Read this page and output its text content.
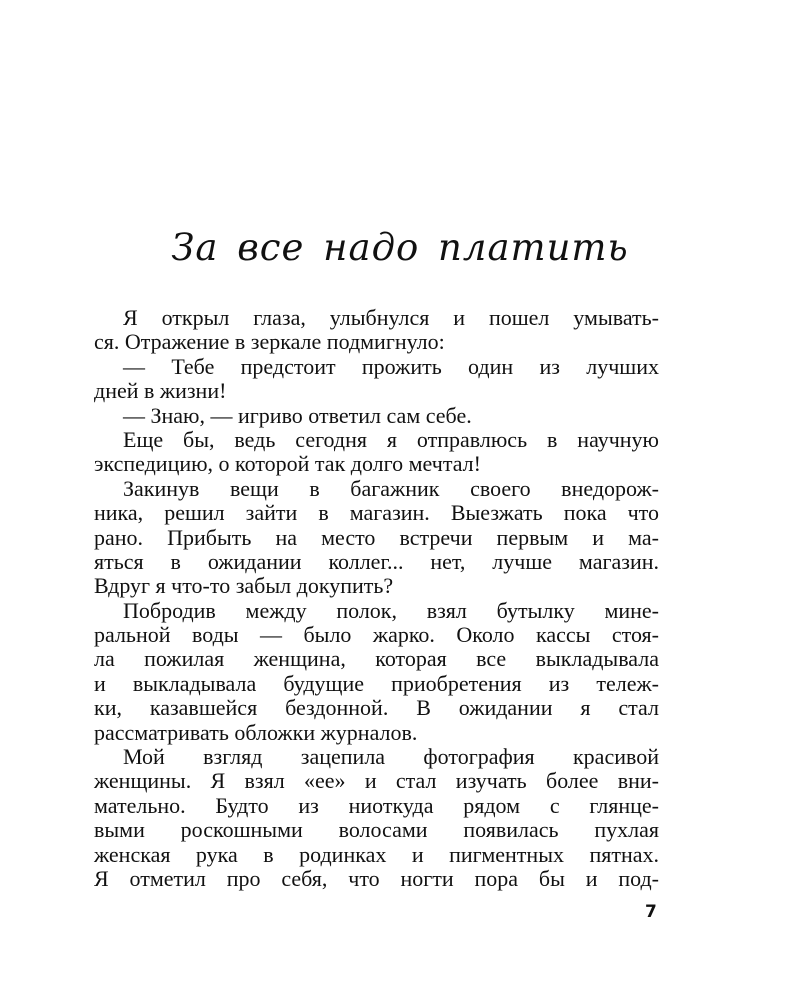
За все надо платить
Я открыл глаза, улыбнулся и пошел умывать-
ся. Отражение в зеркале подмигнуло:
— Тебе предстоит прожить один из лучших
дней в жизни!
— Знаю, — игриво ответил сам себе.
Еще бы, ведь сегодня я отправлюсь в научную
экспедицию, о которой так долго мечтал!
Закинув вещи в багажник своего внедорож-
ника, решил зайти в магазин. Выезжать пока что
рано. Прибыть на место встречи первым и ма-
яться в ожидании коллег... нет, лучше магазин.
Вдруг я что-то забыл докупить?
Побродив между полок, взял бутылку мине-
ральной воды — было жарко. Около кассы стоя-
ла пожилая женщина, которая все выкладывала
и выкладывала будущие приобретения из тележ-
ки, казавшейся бездонной. В ожидании я стал
рассматривать обложки журналов.
Мой взгляд зацепила фотография красивой
женщины. Я взял «ее» и стал изучать более вни-
мательно. Будто из ниоткуда рядом с глянце-
выми роскошными волосами появилась пухлая
женская рука в родинках и пигментных пятнах.
Я отметил про себя, что ногти пора бы и под-
7
